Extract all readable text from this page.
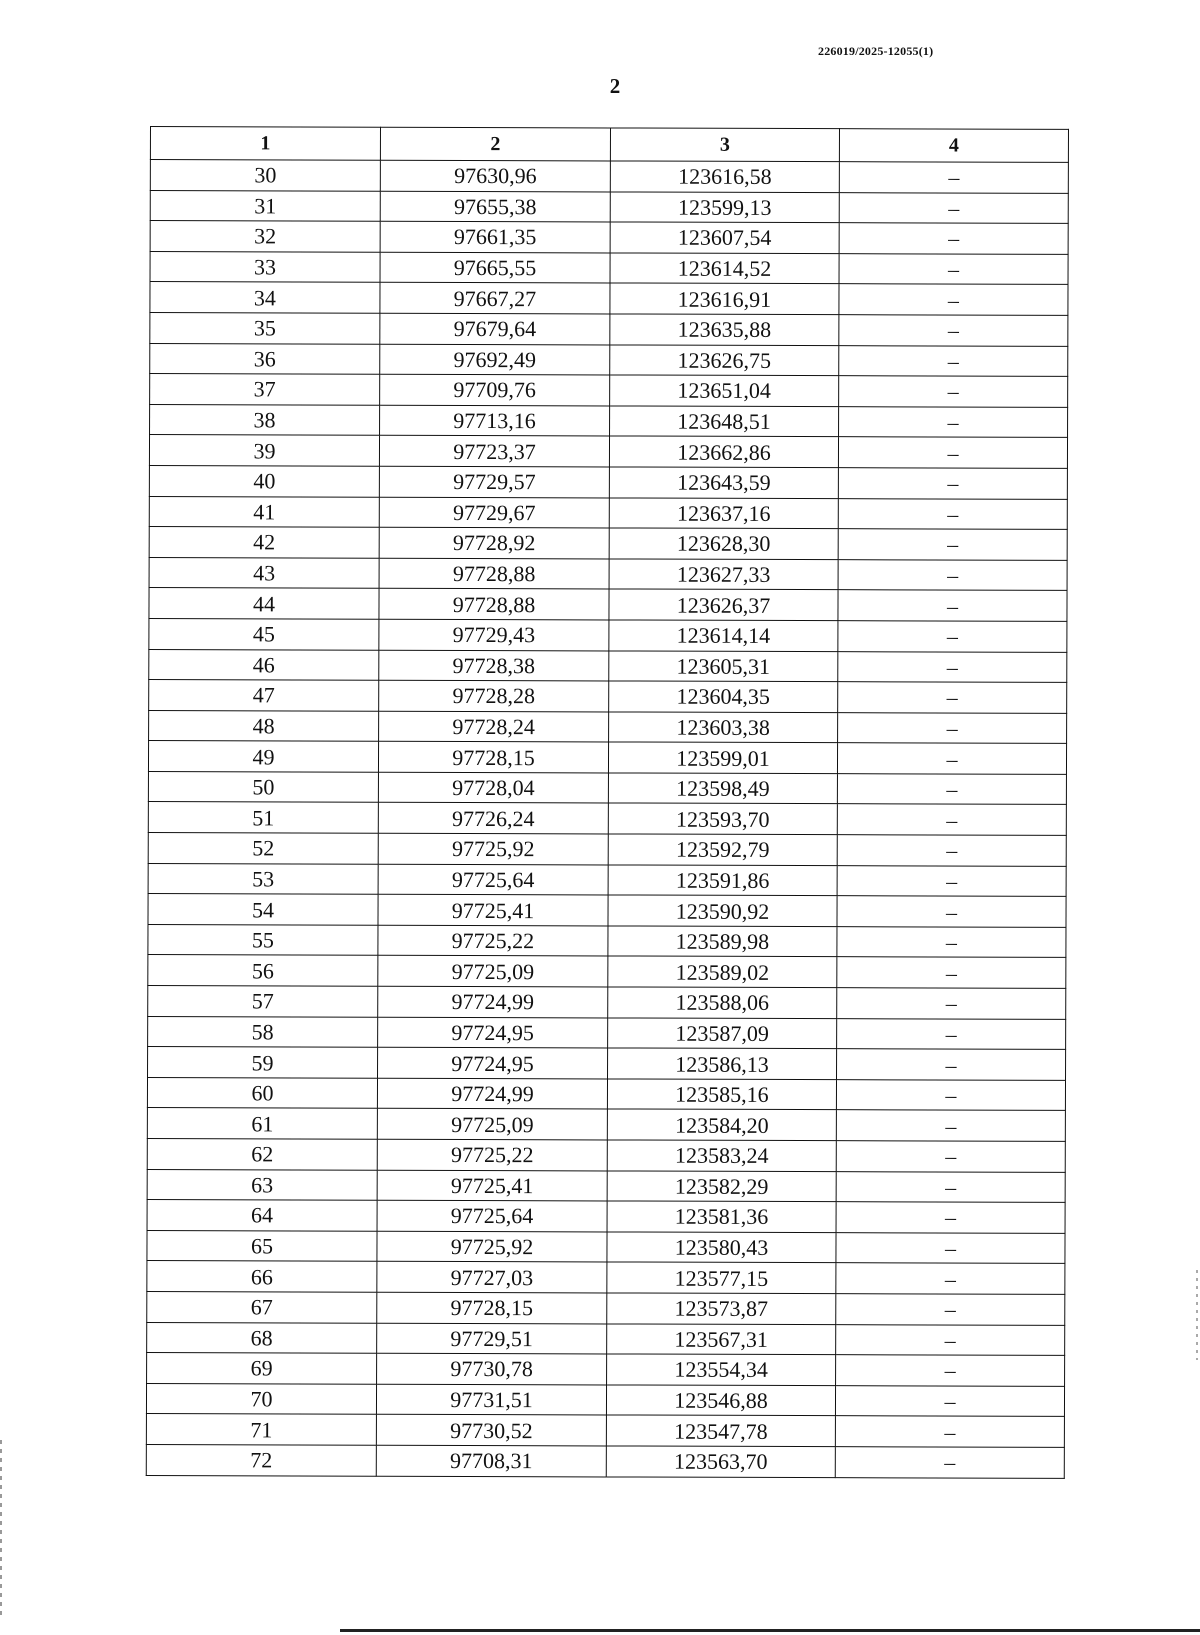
226019/2025-12055(1)
2
1	2	3	4
30	97630,96	123616,58	–
31	97655,38	123599,13	–
32	97661,35	123607,54	–
33	97665,55	123614,52	–
34	97667,27	123616,91	–
35	97679,64	123635,88	–
36	97692,49	123626,75	–
37	97709,76	123651,04	–
38	97713,16	123648,51	–
39	97723,37	123662,86	–
40	97729,57	123643,59	–
41	97729,67	123637,16	–
42	97728,92	123628,30	–
43	97728,88	123627,33	–
44	97728,88	123626,37	–
45	97729,43	123614,14	–
46	97728,38	123605,31	–
47	97728,28	123604,35	–
48	97728,24	123603,38	–
49	97728,15	123599,01	–
50	97728,04	123598,49	–
51	97726,24	123593,70	–
52	97725,92	123592,79	–
53	97725,64	123591,86	–
54	97725,41	123590,92	–
55	97725,22	123589,98	–
56	97725,09	123589,02	–
57	97724,99	123588,06	–
58	97724,95	123587,09	–
59	97724,95	123586,13	–
60	97724,99	123585,16	–
61	97725,09	123584,20	–
62	97725,22	123583,24	–
63	97725,41	123582,29	–
64	97725,64	123581,36	–
65	97725,92	123580,43	–
66	97727,03	123577,15	–
67	97728,15	123573,87	–
68	97729,51	123567,31	–
69	97730,78	123554,34	–
70	97731,51	123546,88	–
71	97730,52	123547,78	–
72	97708,31	123563,70	–
